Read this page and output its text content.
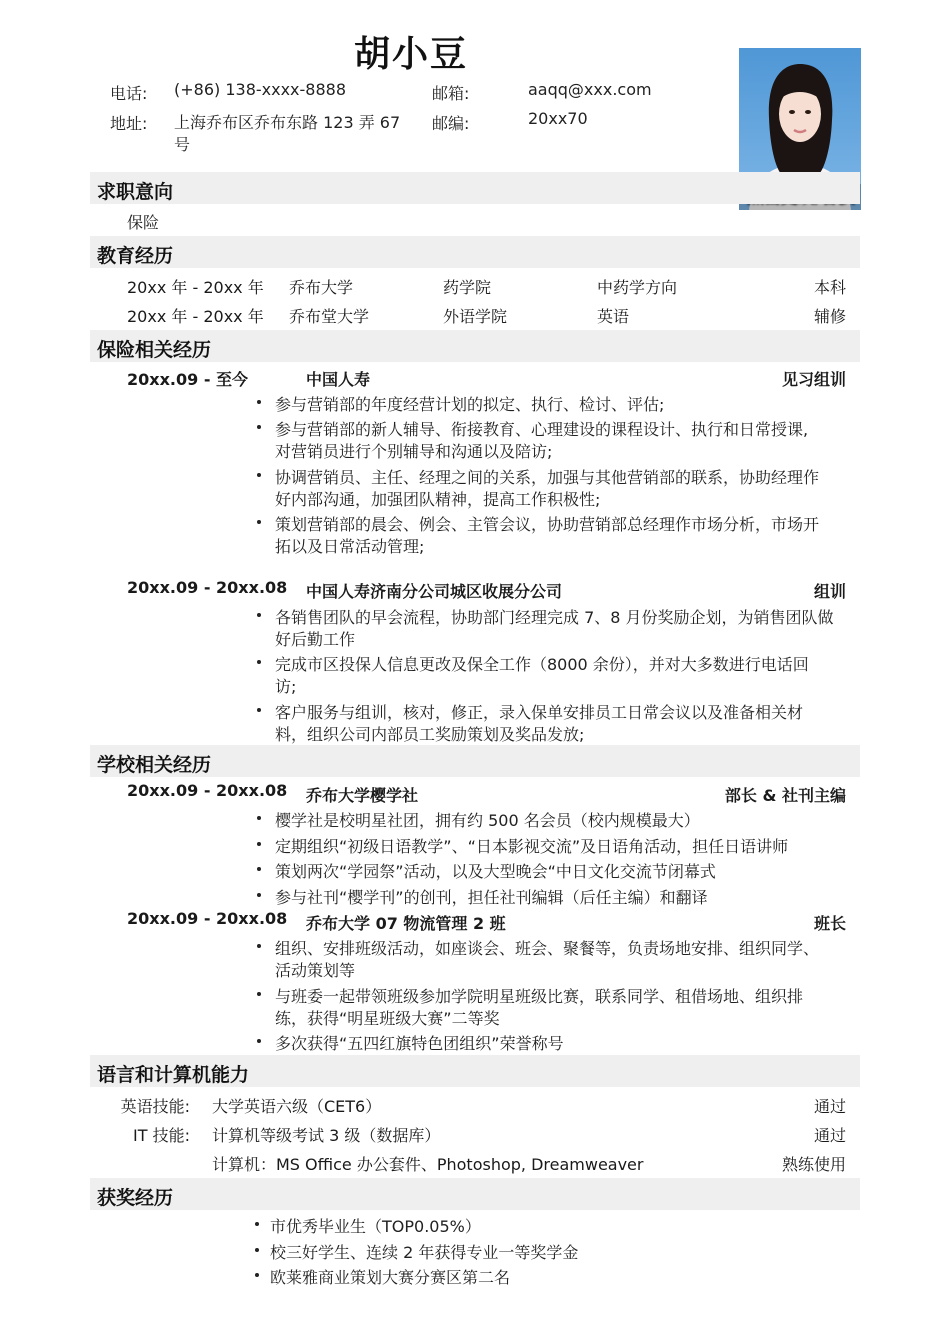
胡小豆
电话: (+86) 138-xxxx-8888	邮箱:	aaqq@xxx.com
地址: 上海乔布区乔布东路 123 弄 67
号
邮编:	20xx70
求职意向
保险
教育经历
20xx 年 - 20xx 年 乔布大学	药学院	中药学方向	本科
20xx 年 - 20xx 年 乔布堂大学	外语学院	英语	辅修
保险相关经历
20xx.09 - 至今	中国人寿	见习组训
参与营销部的年度经营计划的拟定、执行、检讨、评估;
参与营销部的新人辅导、衔接教育、心理建设的课程设计、执行和日常授课,
对营销员进行个别辅导和沟通以及陪访;
协调营销员、主任、经理之间的关系，加强与其他营销部的联系，协助经理作
好内部沟通，加强团队精神，提高工作积极性;
策划营销部的晨会、例会、主管会议，协助营销部总经理作市场分析，市场开
拓以及日常活动管理;
20xx.09 - 20xx.08 中国人寿济南分公司城区收展分公司	组训
各销售团队的早会流程，协助部门经理完成 7、8 月份奖励企划，为销售团队做
好后勤工作
完成市区投保人信息更改及保全工作（8000 余份），并对大多数进行电话回
访;
客户服务与组训，核对，修正，录入保单安排员工日常会议以及准备相关材
料，组织公司内部员工奖励策划及奖品发放;
学校相关经历
20xx.09 - 20xx.08 乔布大学樱学社	部长 & 社刊主编
樱学社是校明星社团，拥有约 500 名会员（校内规模最大）
定期组织“初级日语教学”、“日本影视交流”及日语角活动，担任日语讲师
策划两次“学园祭”活动，以及大型晚会“中日文化交流节闭幕式
参与社刊“樱学刊”的创刊，担任社刊编辑（后任主编）和翻译
20xx.09 - 20xx.08 乔布大学 07 物流管理 2 班	班长
组织、安排班级活动，如座谈会、班会、聚餐等，负责场地安排、组织同学、
活动策划等
与班委一起带领班级参加学院明星班级比赛，联系同学、租借场地、组织排
练，获得“明星班级大赛”二等奖
多次获得“五四红旗特色团组织”荣誉称号
语言和计算机能力
英语技能: 大学英语六级（CET6）	通过
IT 技能: 计算机等级考试 3 级（数据库）	通过
计算机：MS Office 办公套件、Photoshop, Dreamweaver	熟练使用
获奖经历
市优秀毕业生（TOP0.05%）
校三好学生、连续 2 年获得专业一等奖学金
欧莱雅商业策划大赛分赛区第二名
